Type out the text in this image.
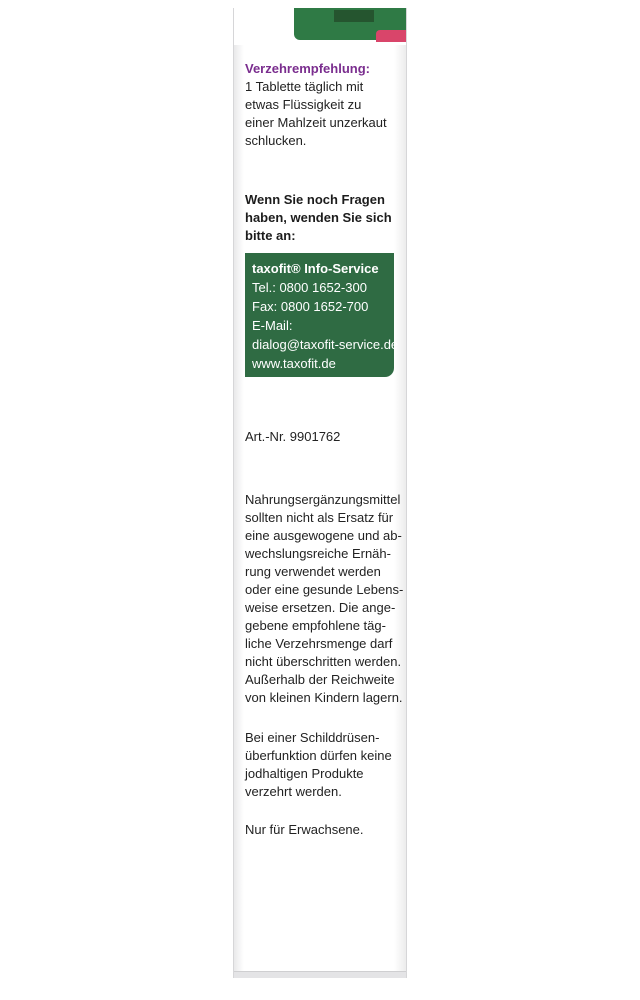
Verzehrempfehlung:
1 Tablette täglich mit
etwas Flüssigkeit zu
einer Mahlzeit unzerkaut
schlucken.
Wenn Sie noch Fragen
haben, wenden Sie sich
bitte an:
taxofit® Info-Service
Tel.: 0800 1652-300
Fax: 0800 1652-700
E-Mail:
dialog@taxofit-service.de
www.taxofit.de
Art.-Nr. 9901762
Nahrungsergänzungsmittel
sollten nicht als Ersatz für
eine ausgewogene und ab-
wechslungsreiche Ernäh-
rung verwendet werden
oder eine gesunde Lebens-
weise ersetzen. Die ange-
gebene empfohlene täg-
liche Verzehrsmenge darf
nicht überschritten werden.
Außerhalb der Reichweite
von kleinen Kindern lagern.
Bei einer Schilddrüsen-
überfunktion dürfen keine
jodhaltigen Produkte
verzehrt werden.
Nur für Erwachsene.
